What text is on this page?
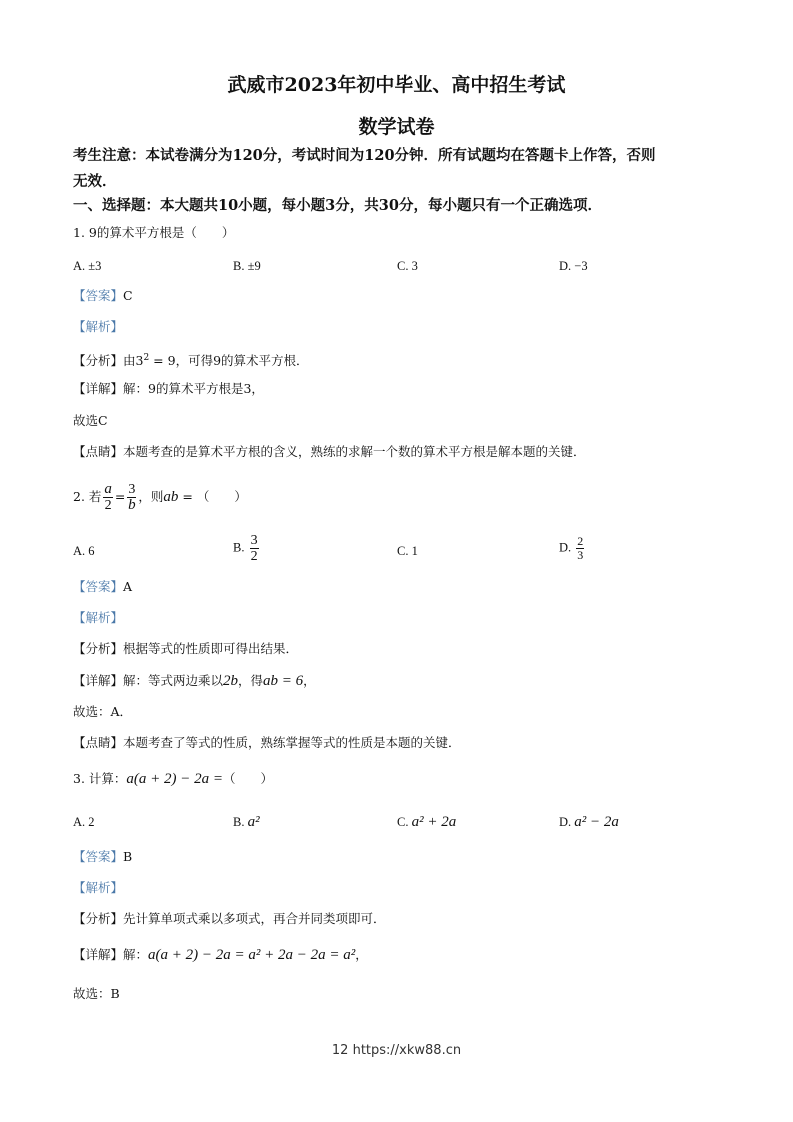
武威市2023年初中毕业、高中招生考试
数学试卷
考生注意：本试卷满分为120分，考试时间为120分钟．所有试题均在答题卡上作答，否则
无效．
一、选择题：本大题共10小题，每小题3分，共30分，每小题只有一个正确选项．
1. 9的算术平方根是（　　）
A. ±3	B. ±9	C. 3	D. −3
【答案】C
【解析】
【分析】由$3^2 = 9$，可得9的算术平方根．
【详解】解：9的算术平方根是3，
故选C
【点睛】本题考查的是算术平方根的含义，熟练的求解一个数的算术平方根是解本题的关键．
2. 若 $\frac{a}{2} = \frac{3}{b}$ ，则ab = （　　）
A. 6	B. $\frac{3}{2}$	C. 1	D. $\frac{2}{3}$
【答案】A
【解析】
【分析】根据等式的性质即可得出结果．
【详解】解：等式两边乘以2b，得ab = 6，
故选：A．
【点睛】本题考查了等式的性质，熟练掌握等式的性质是本题的关键．
3. 计算：a(a + 2) − 2a =（　　）
A. 2	B. a²	C. a² + 2a	D. a² − 2a
【答案】B
【解析】
【分析】先计算单项式乘以多项式，再合并同类项即可．
【详解】解：a(a + 2) − 2a = a² + 2a − 2a = a²，
故选：B
12 https://xkw88.cn
